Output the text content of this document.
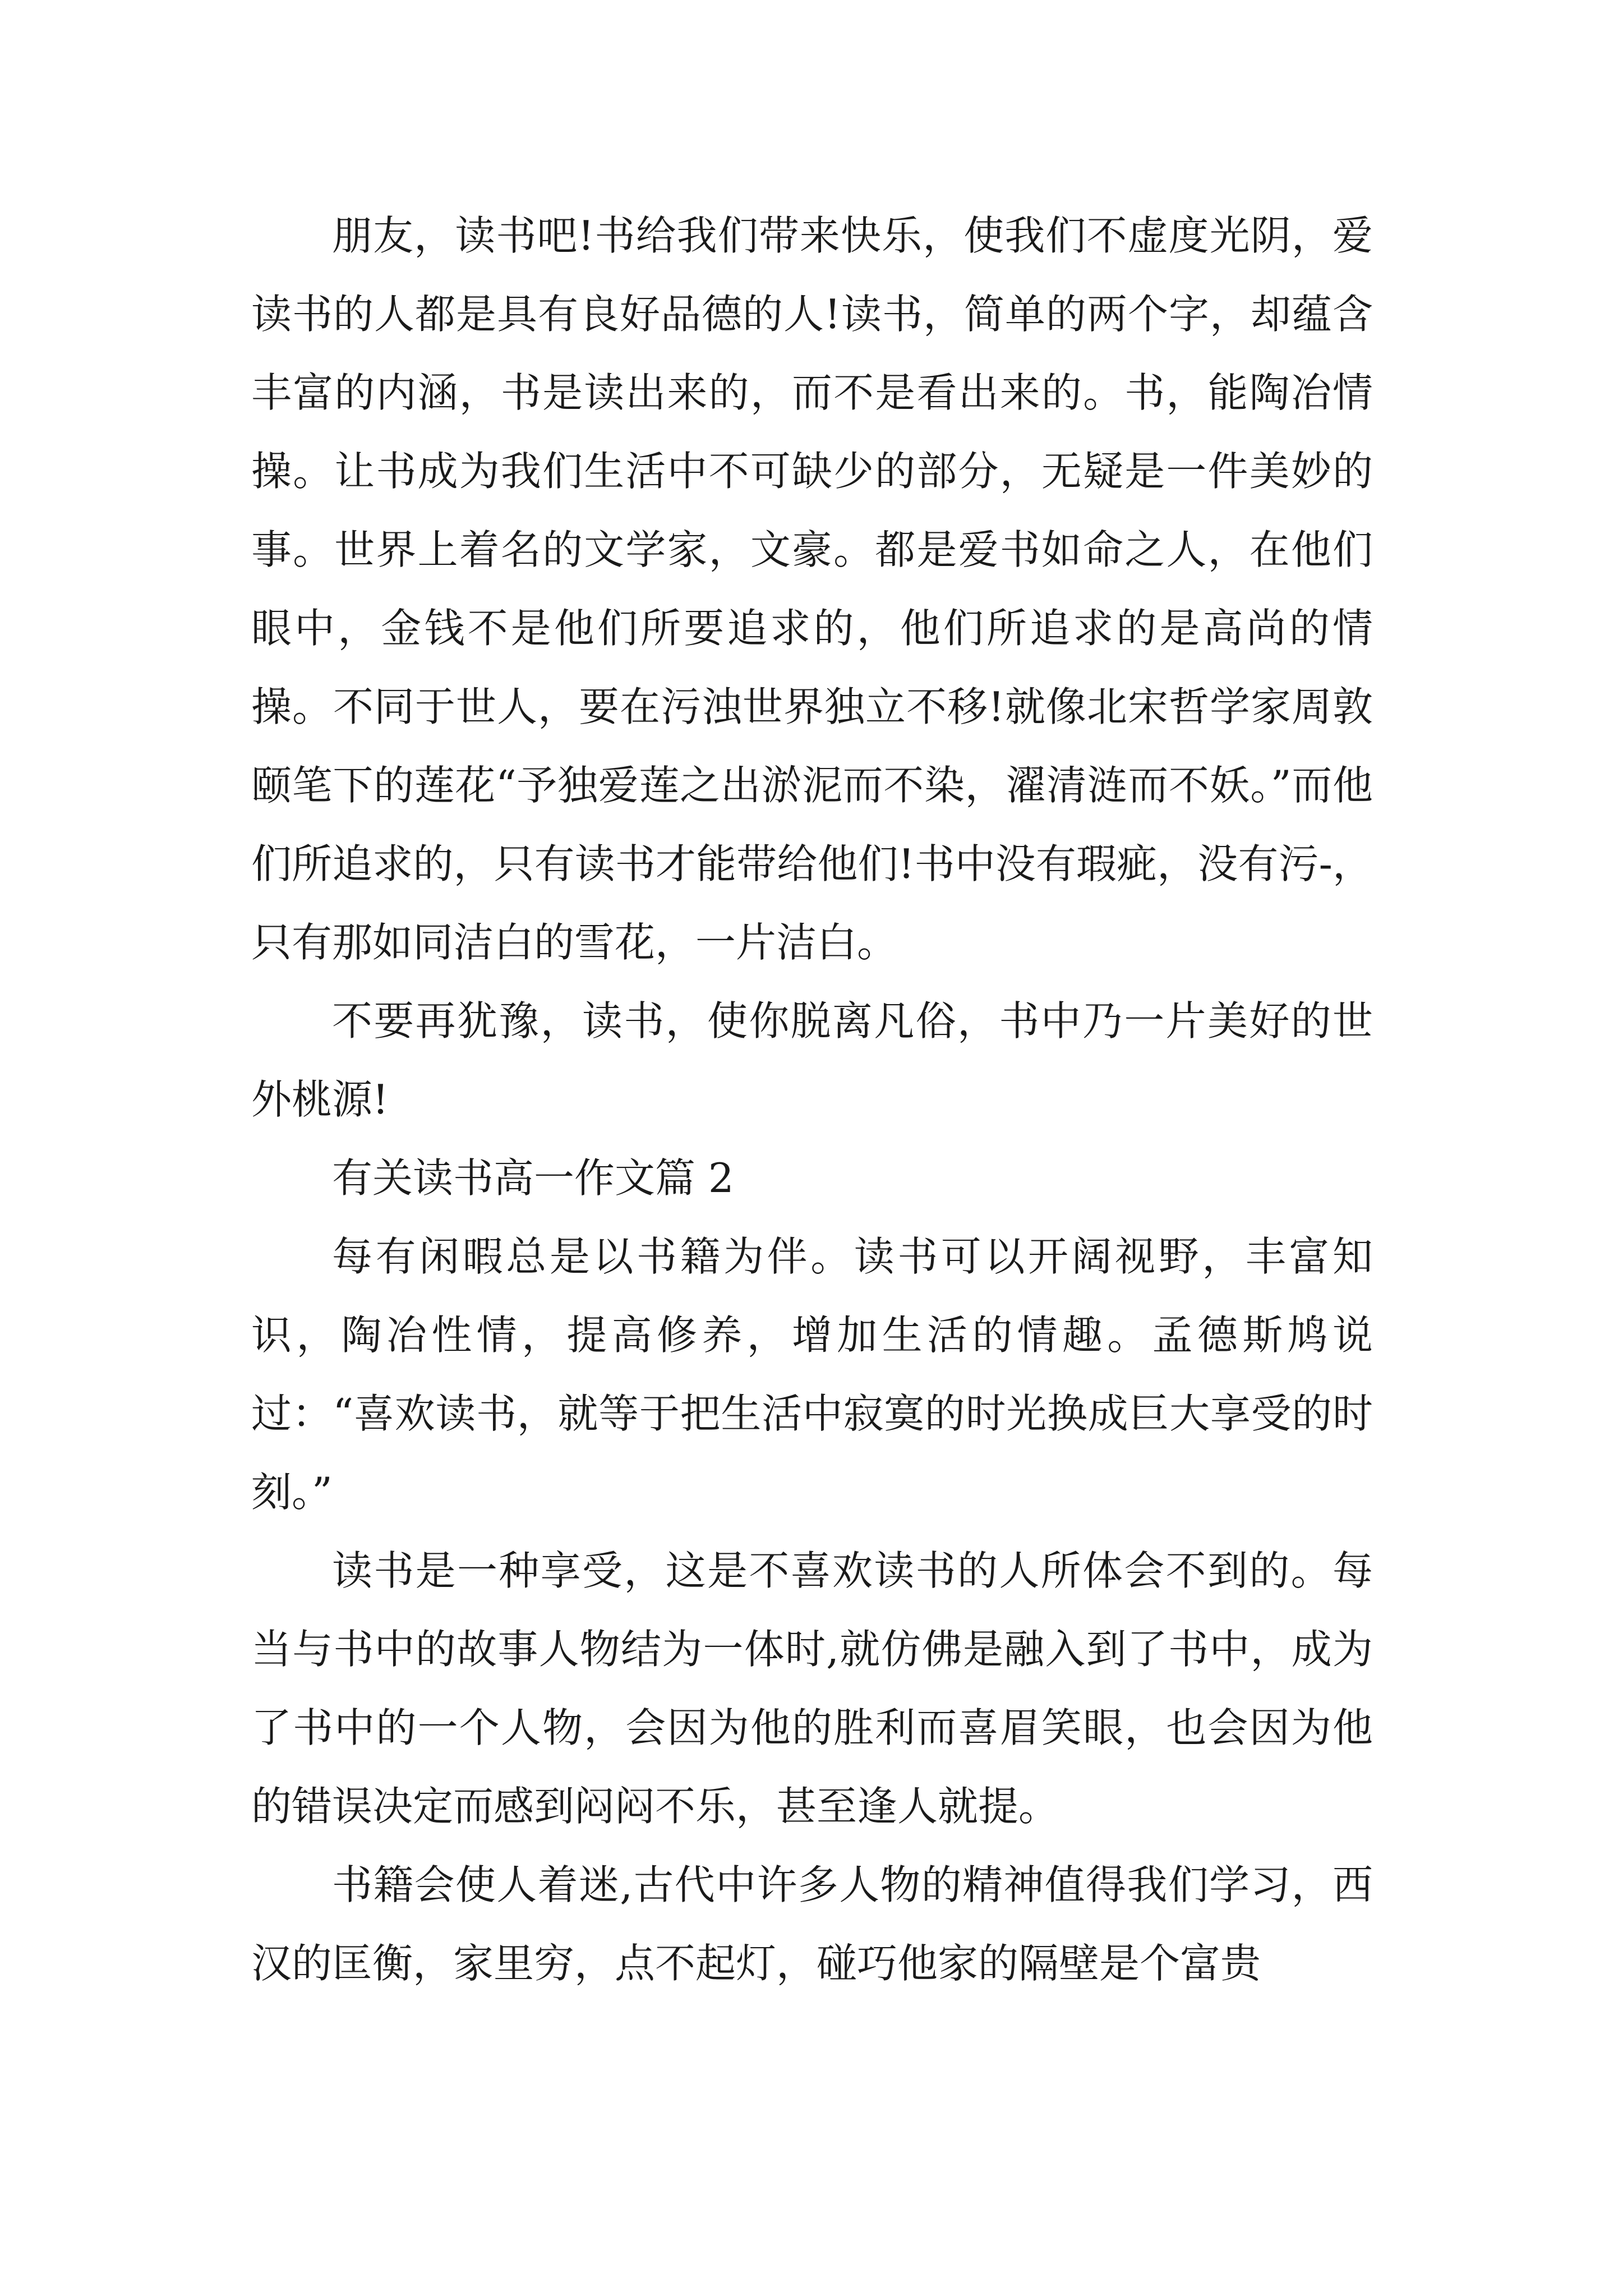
朋友，读书吧!书给我们带来快乐，使我们不虚度光阴，爱读书的人都是具有良好品德的人!读书，简单的两个字，却蕴含丰富的内涵，书是读出来的，而不是看出来的。书，能陶冶情操。让书成为我们生活中不可缺少的部分，无疑是一件美妙的事。世界上着名的文学家，文豪。都是爱书如命之人，在他们眼中，金钱不是他们所要追求的，他们所追求的是高尚的情操。不同于世人，要在污浊世界独立不移!就像北宋哲学家周敦颐笔下的莲花“予独爱莲之出淤泥而不染，濯清涟而不妖。”而他们所追求的，只有读书才能带给他们!书中没有瑕疵，没有污-，只有那如同洁白的雪花，一片洁白。

不要再犹豫，读书，使你脱离凡俗，书中乃一片美好的世外桃源!

有关读书高一作文篇 2

每有闲暇总是以书籍为伴。读书可以开阔视野，丰富知识，陶冶性情，提高修养，增加生活的情趣。孟德斯鸠说过：“喜欢读书，就等于把生活中寂寞的时光换成巨大享受的时刻。”

读书是一种享受，这是不喜欢读书的人所体会不到的。每当与书中的故事人物结为一体时,就仿佛是融入到了书中，成为了书中的一个人物，会因为他的胜利而喜眉笑眼，也会因为他的错误决定而感到闷闷不乐，甚至逢人就提。

书籍会使人着迷,古代中许多人物的精神值得我们学习，西汉的匡衡，家里穷，点不起灯，碰巧他家的隔壁是个富贵
